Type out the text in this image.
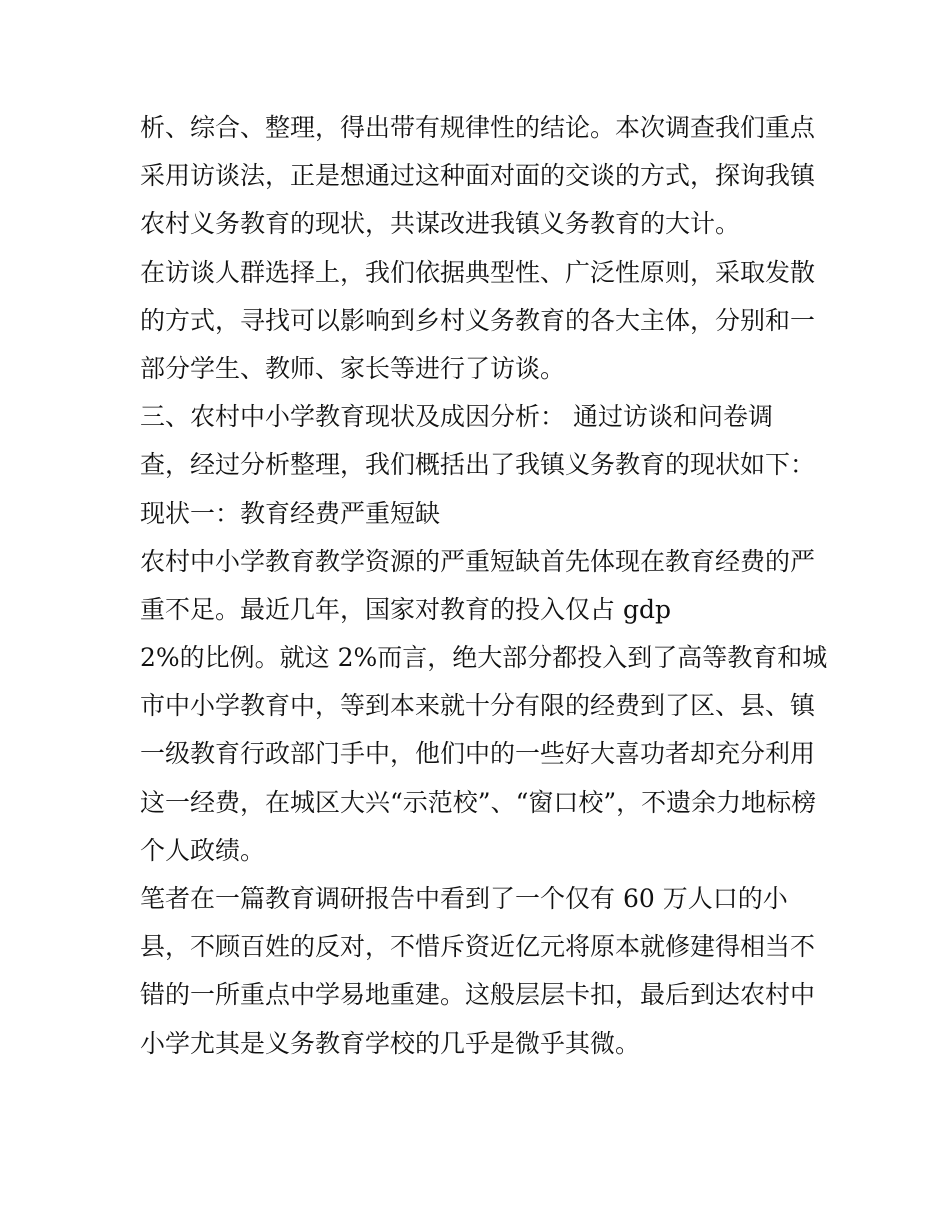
析、综合、整理，得出带有规律性的结论。本次调查我们重点
采用访谈法，正是想通过这种面对面的交谈的方式，探询我镇
农村义务教育的现状，共谋改进我镇义务教育的大计。
在访谈人群选择上，我们依据典型性、广泛性原则，采取发散
的方式，寻找可以影响到乡村义务教育的各大主体，分别和一
部分学生、教师、家长等进行了访谈。
三、农村中小学教育现状及成因分析： 通过访谈和问卷调
查，经过分析整理，我们概括出了我镇义务教育的现状如下：
现状一：教育经费严重短缺
农村中小学教育教学资源的严重短缺首先体现在教育经费的严
重不足。最近几年，国家对教育的投入仅占 gdp
2%的比例。就这 2%而言，绝大部分都投入到了高等教育和城
市中小学教育中，等到本来就十分有限的经费到了区、县、镇
一级教育行政部门手中，他们中的一些好大喜功者却充分利用
这一经费，在城区大兴“示范校”、“窗口校”，不遗余力地标榜
个人政绩。
笔者在一篇教育调研报告中看到了一个仅有 60 万人口的小
县，不顾百姓的反对，不惜斥资近亿元将原本就修建得相当不
错的一所重点中学易地重建。这般层层卡扣，最后到达农村中
小学尤其是义务教育学校的几乎是微乎其微。
